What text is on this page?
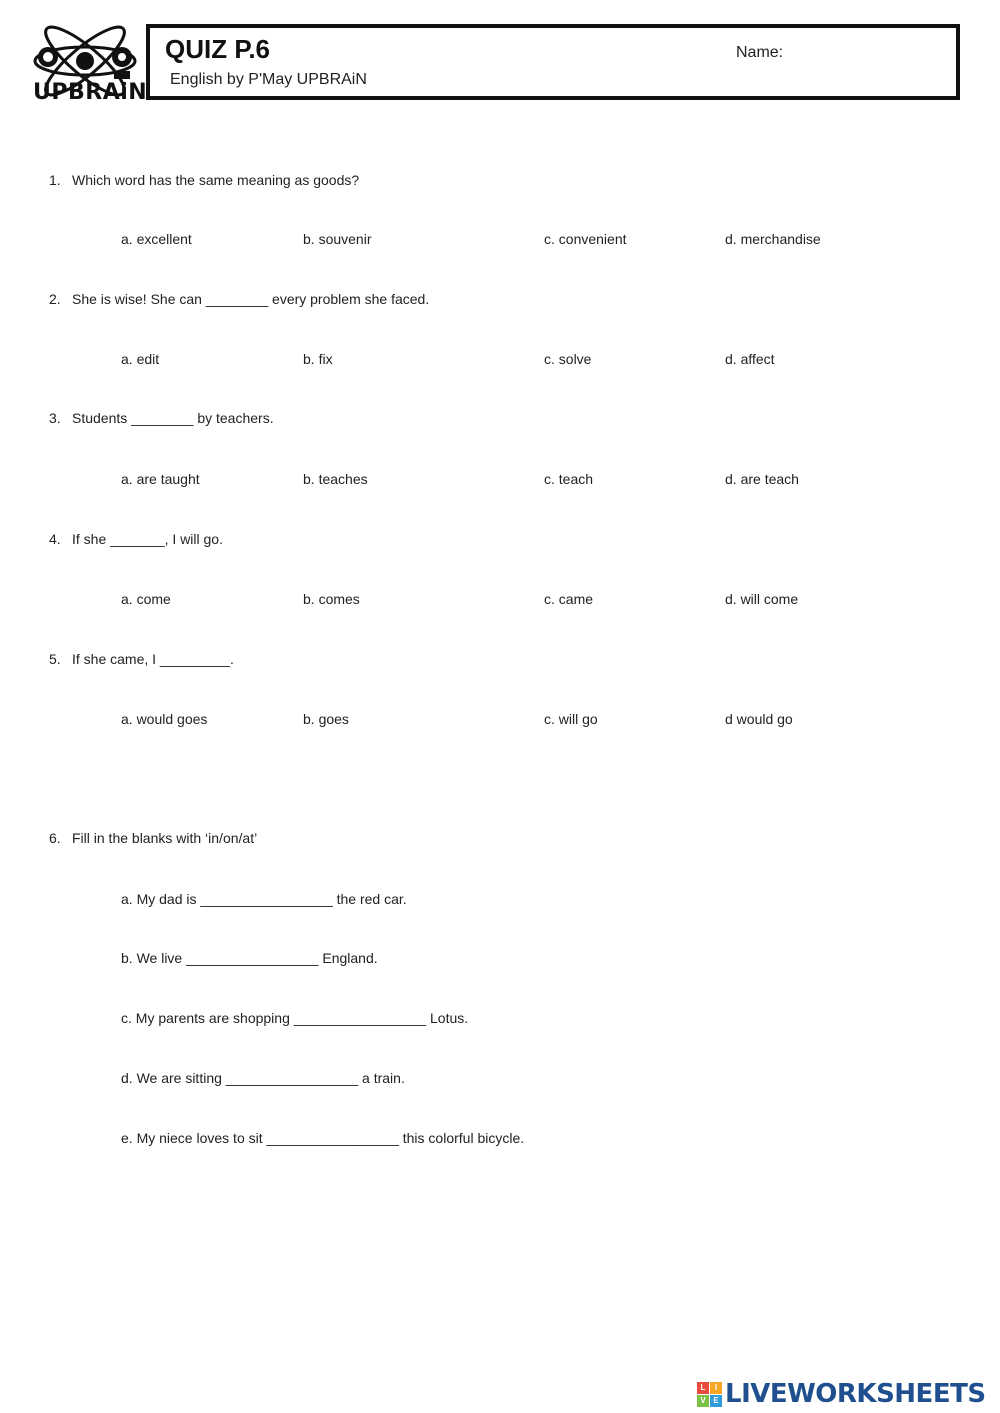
UPBRAiN
QUIZ P.6
English by P'May UPBRAiN
Name:
1. Which word has the same meaning as goods?
a. excellent	b. souvenir	c. convenient	d. merchandise
2. She is wise! She can ________ every problem she faced.
a. edit	b. fix	c. solve	d. affect
3. Students ________ by teachers.
a. are taught	b. teaches	c. teach	d. are teach
4. If she _______, I will go.
a. come	b. comes	c. came	d. will come
5. If she came, I _________.
a. would goes	b. goes	c. will go	d would go
6. Fill in the blanks with ‘in/on/at’
a. My dad is _________________ the red car.
b. We live _________________ England.
c. My parents are shopping _________________ Lotus.
d. We are sitting _________________ a train.
e. My niece loves to sit _________________ this colorful bicycle.
L	I
V E LIVEWORKSHEETS
